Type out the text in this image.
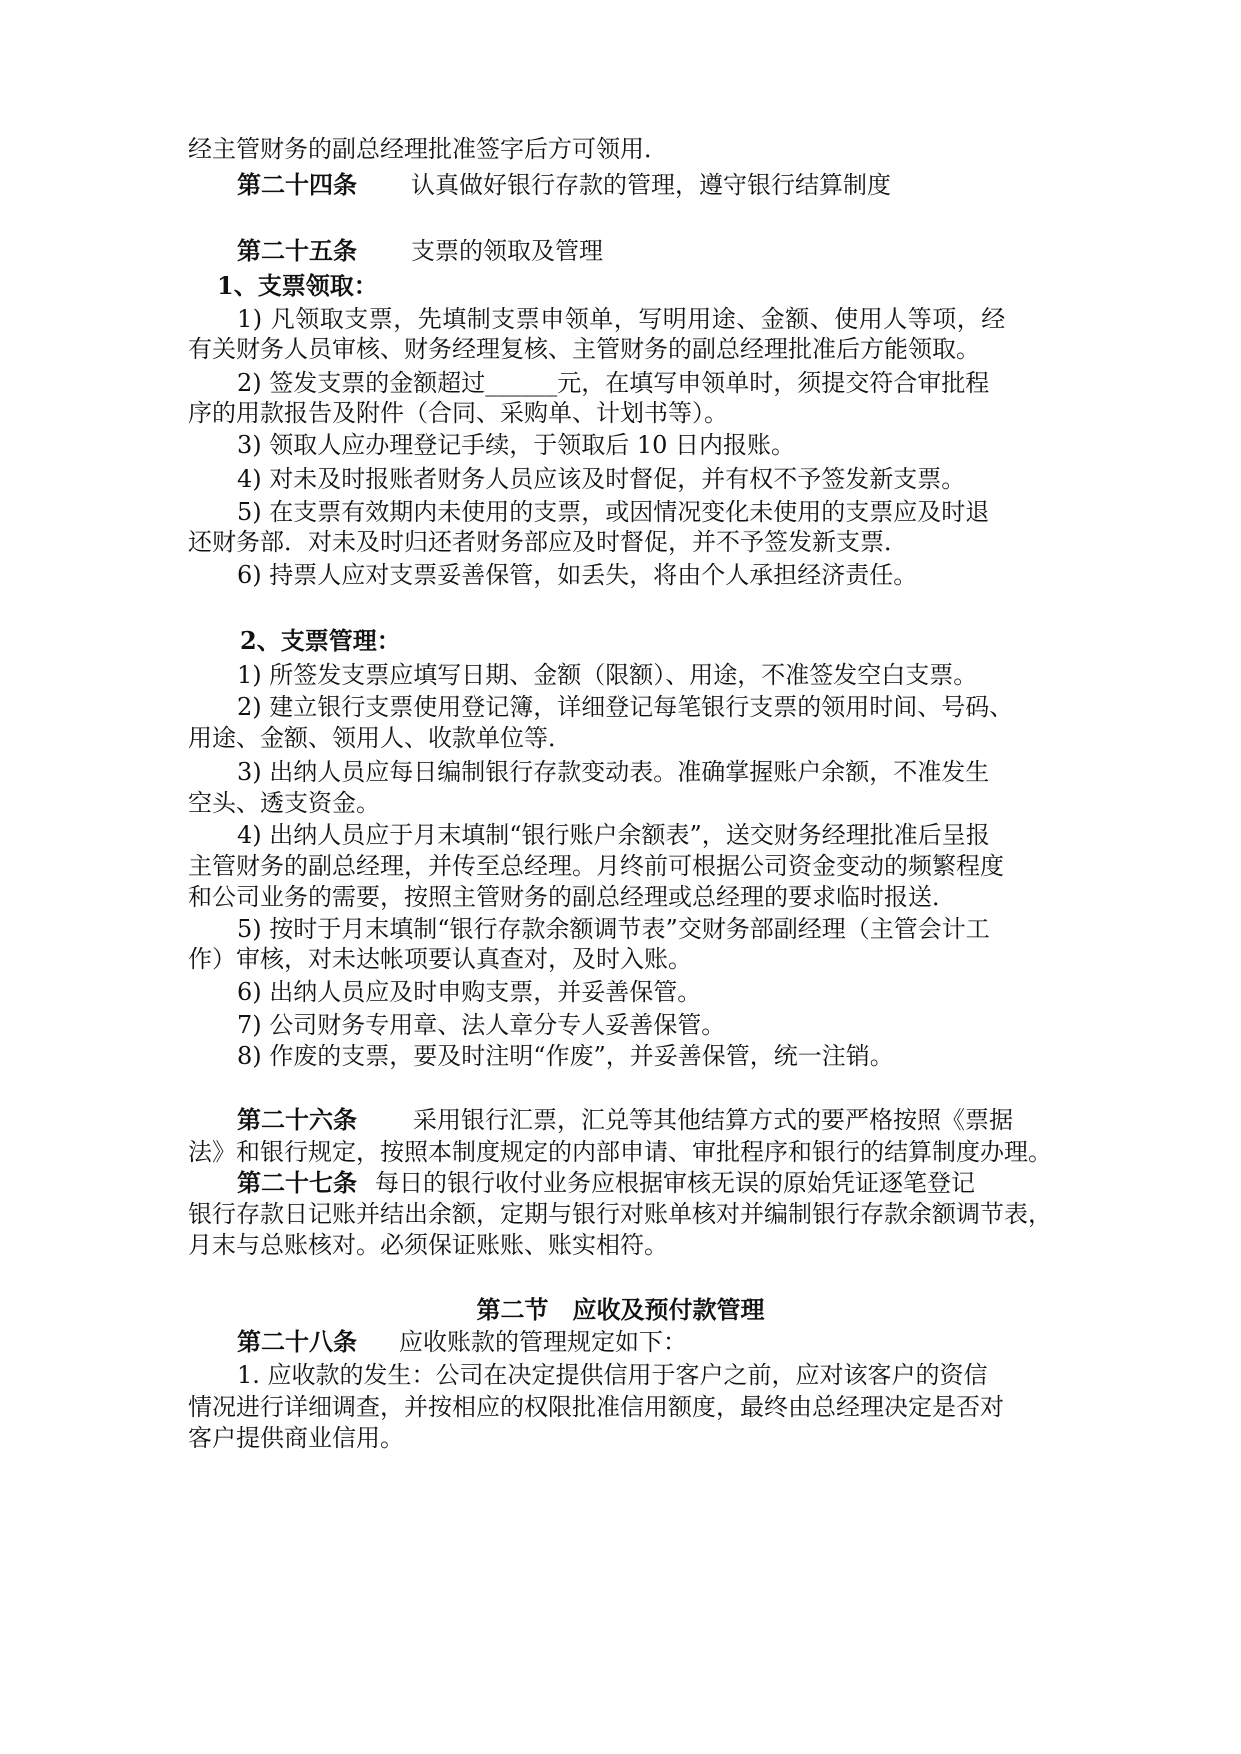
经主管财务的副总经理批准签字后方可领用．
第二十四条 认真做好银行存款的管理，遵守银行结算制度
第二十五条 支票的领取及管理
1、支票领取：
1) 凡领取支票，先填制支票申领单，写明用途、金额、使用人等项，经
有关财务人员审核、财务经理复核、主管财务的副总经理批准后方能领取。
2) 签发支票的金额超过______元，在填写申领单时，须提交符合审批程
序的用款报告及附件（合同、采购单、计划书等）。
3) 领取人应办理登记手续，于领取后 10 日内报账。
4) 对未及时报账者财务人员应该及时督促，并有权不予签发新支票。
5) 在支票有效期内未使用的支票，或因情况变化未使用的支票应及时退
还财务部．对未及时归还者财务部应及时督促，并不予签发新支票．
6) 持票人应对支票妥善保管，如丢失，将由个人承担经济责任。
2、支票管理：
1) 所签发支票应填写日期、金额（限额）、用途，不准签发空白支票。
2) 建立银行支票使用登记簿，详细登记每笔银行支票的领用时间、号码、
用途、金额、领用人、收款单位等．
3) 出纳人员应每日编制银行存款变动表。准确掌握账户余额，不准发生
空头、透支资金。
4) 出纳人员应于月末填制“银行账户余额表”，送交财务经理批准后呈报
主管财务的副总经理，并传至总经理。月终前可根据公司资金变动的频繁程度
和公司业务的需要，按照主管财务的副总经理或总经理的要求临时报送．
5) 按时于月末填制“银行存款余额调节表”交财务部副经理（主管会计工
作）审核，对未达帐项要认真查对，及时入账。
6) 出纳人员应及时申购支票，并妥善保管。
7) 公司财务专用章、法人章分专人妥善保管。
8) 作废的支票，要及时注明“作废”，并妥善保管，统一注销。
第二十六条 采用银行汇票，汇兑等其他结算方式的要严格按照《票据
法》和银行规定，按照本制度规定的内部申请、审批程序和银行的结算制度办理。
第二十七条 每日的银行收付业务应根据审核无误的原始凭证逐笔登记
银行存款日记账并结出余额，定期与银行对账单核对并编制银行存款余额调节表，
月末与总账核对。必须保证账账、账实相符。
第二节　应收及预付款管理
第二十八条 应收账款的管理规定如下：
1. 应收款的发生：公司在决定提供信用于客户之前，应对该客户的资信
情况进行详细调查，并按相应的权限批准信用额度，最终由总经理决定是否对
客户提供商业信用。
